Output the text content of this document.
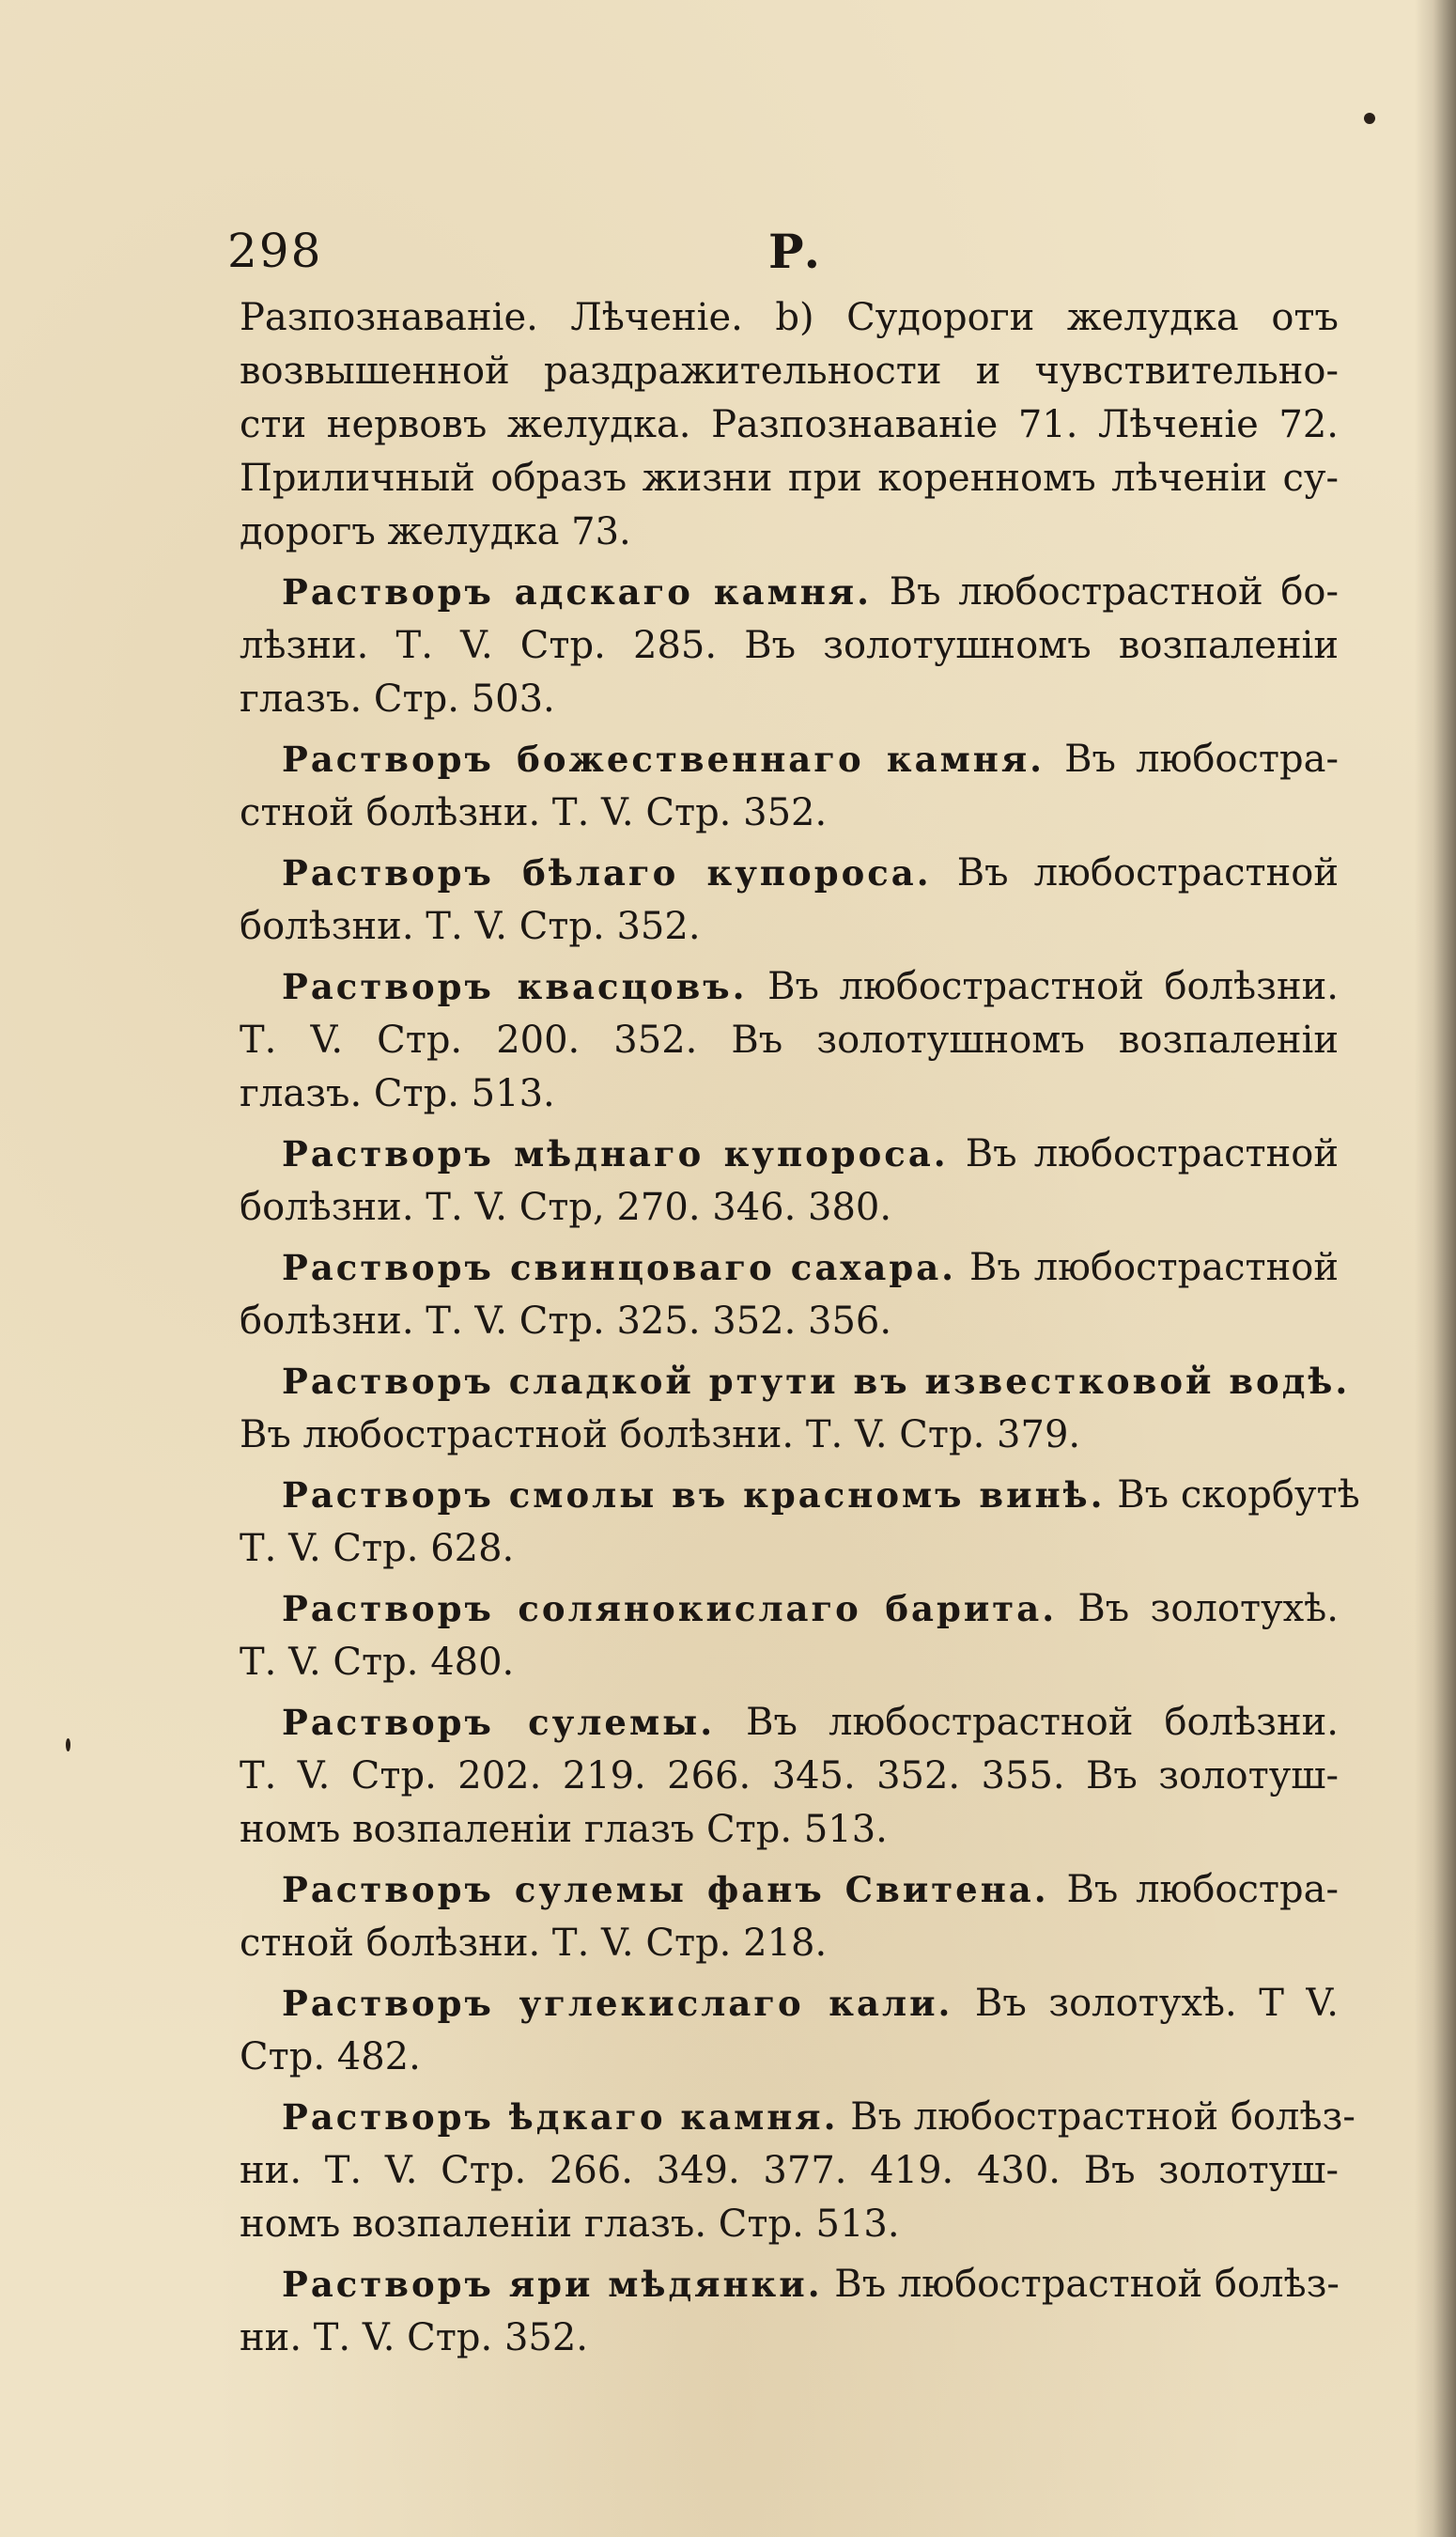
298	Р.
Разпознаваніе. Лѣченіе. b) Судороги желудка отъ
возвышенной раздражительности и чувствительно-
сти нервовъ желудка. Разпознаваніе 71. Лѣченіе 72.
Приличный образъ жизни при коренномъ лѣченіи су-
дорогъ желудка 73.
Растворъ адскаго камня. Въ любострастной бо-
лѣзни. Т. V. Стр. 285. Въ золотушномъ возпаленіи
глазъ. Стр. 503.
Растворъ божественнаго камня. Въ любостра-
стной болѣзни. Т. V. Стр. 352.
Растворъ бѣлаго купороса. Въ любострастной
болѣзни. Т. V. Стр. 352.
Растворъ квасцовъ. Въ любострастной болѣзни.
Т. V. Стр. 200. 352. Въ золотушномъ возпаленіи
глазъ. Стр. 513.
Растворъ мѣднаго купороса. Въ любострастной
болѣзни. Т. V. Стр, 270. 346. 380.
Растворъ свинцоваго сахара. Въ любострастной
болѣзни. Т. V. Стр. 325. 352. 356.
Растворъ сладкой ртути въ известковой водѣ.
Въ любострастной болѣзни. Т. V. Стр. 379.
Растворъ смолы въ красномъ винѣ. Въ скорбутѣ
Т. V. Стр. 628.
Растворъ солянокислаго барита. Въ золотухѣ.
Т. V. Стр. 480.
Растворъ сулемы. Въ любострастной болѣзни.
Т. V. Стр. 202. 219. 266. 345. 352. 355. Въ золотуш-
номъ возпаленіи глазъ Стр. 513.
Растворъ сулемы фанъ Свитена. Въ любостра-
стной болѣзни. Т. V. Стр. 218.
Растворъ углекислаго кали. Въ золотухѣ. Т V.
Стр. 482.
Растворъ ѣдкаго камня. Въ любострастной болѣз-
ни. Т. V. Стр. 266. 349. 377. 419. 430. Въ золотуш-
номъ возпаленіи глазъ. Стр. 513.
Растворъ яри мѣдянки. Въ любострастной болѣз-
ни. Т. V. Стр. 352.
